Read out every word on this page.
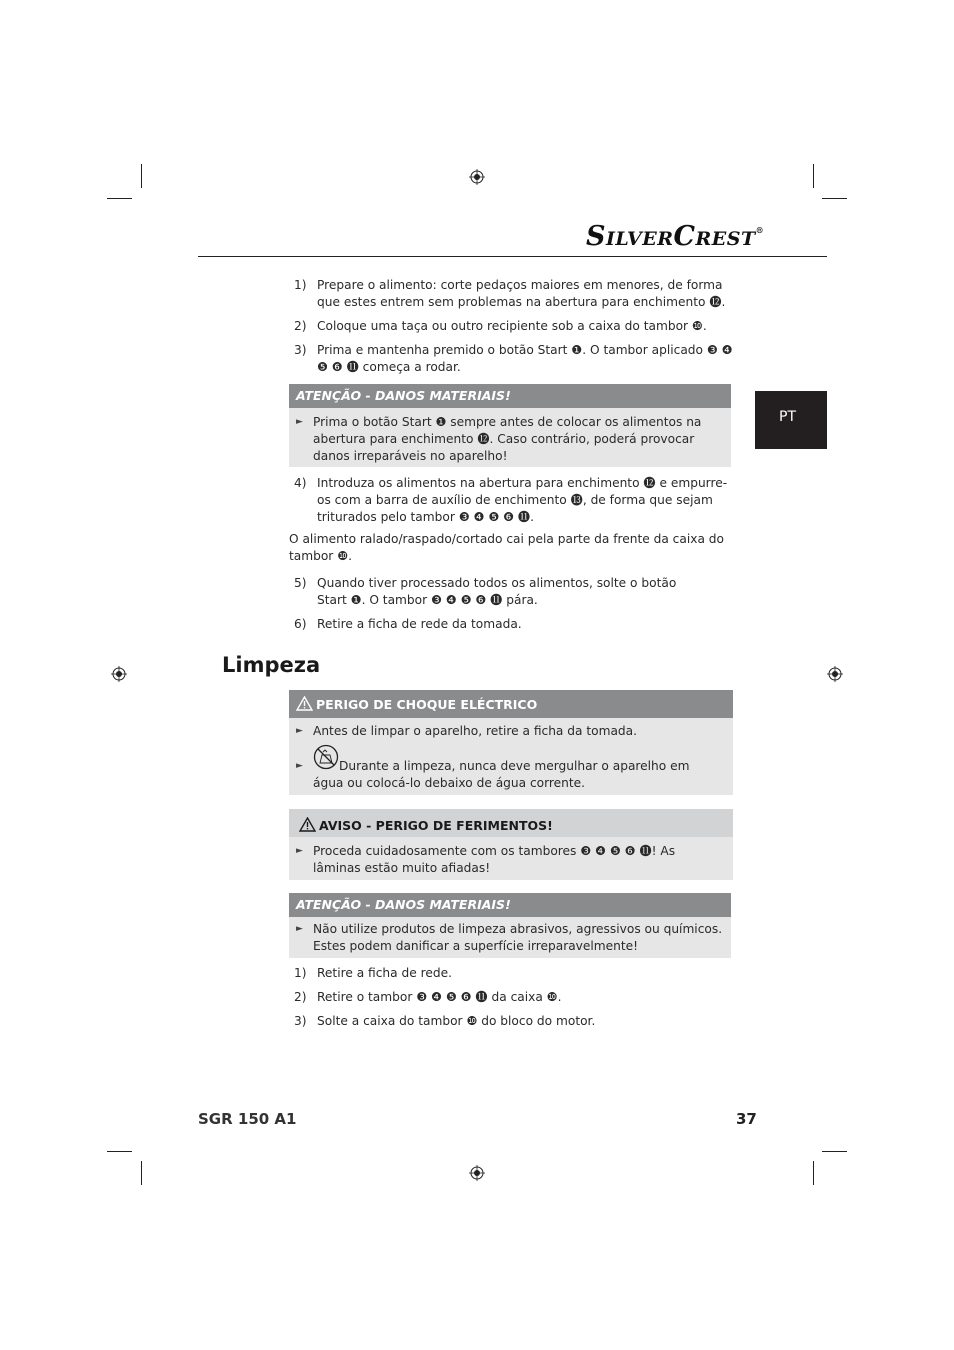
SILVERCREST®
PT
1) Prepare o alimento: corte pedaços maiores em menores, de forma que estes entrem sem problemas na abertura para enchimento ⓬.
2) Coloque uma taça ou outro recipiente sob a caixa do tambor ❿.
3) Prima e mantenha premido o botão Start ❶. O tambor aplicado ❸ ❹ ❺ ❻ ⓫ começa a rodar.
ATENÇÃO - DANOS MATERIAIS!
► Prima o botão Start ❶ sempre antes de colocar os alimentos na abertura para enchimento ⓬. Caso contrário, poderá provocar danos irreparáveis no aparelho!
4) Introduza os alimentos na abertura para enchimento ⓬ e empurre-os com a barra de auxílio de enchimento ⓭, de forma que sejam triturados pelo tambor ❸ ❹ ❺ ❻ ⓫.
O alimento ralado/raspado/cortado cai pela parte da frente da caixa do tambor ❿.
5) Quando tiver processado todos os alimentos, solte o botão Start ❶. O tambor ❸ ❹ ❺ ❻ ⓫ pára.
6) Retire a ficha de rede da tomada.
Limpeza
PERIGO DE CHOQUE ELÉCTRICO
► Antes de limpar o aparelho, retire a ficha da tomada.
►	Durante a limpeza, nunca deve mergulhar o aparelho em água ou colocá-lo debaixo de água corrente.
AVISO - PERIGO DE FERIMENTOS!
► Proceda cuidadosamente com os tambores ❸ ❹ ❺ ❻ ⓫! As lâminas estão muito afiadas!
ATENÇÃO - DANOS MATERIAIS!
► Não utilize produtos de limpeza abrasivos, agressivos ou químicos. Estes podem danificar a superfície irreparavelmente!
1) Retire a ficha de rede.
2) Retire o tambor ❸ ❹ ❺ ❻ ⓫ da caixa ❿.
3) Solte a caixa do tambor ❿ do bloco do motor.
SGR 150 A1	37
